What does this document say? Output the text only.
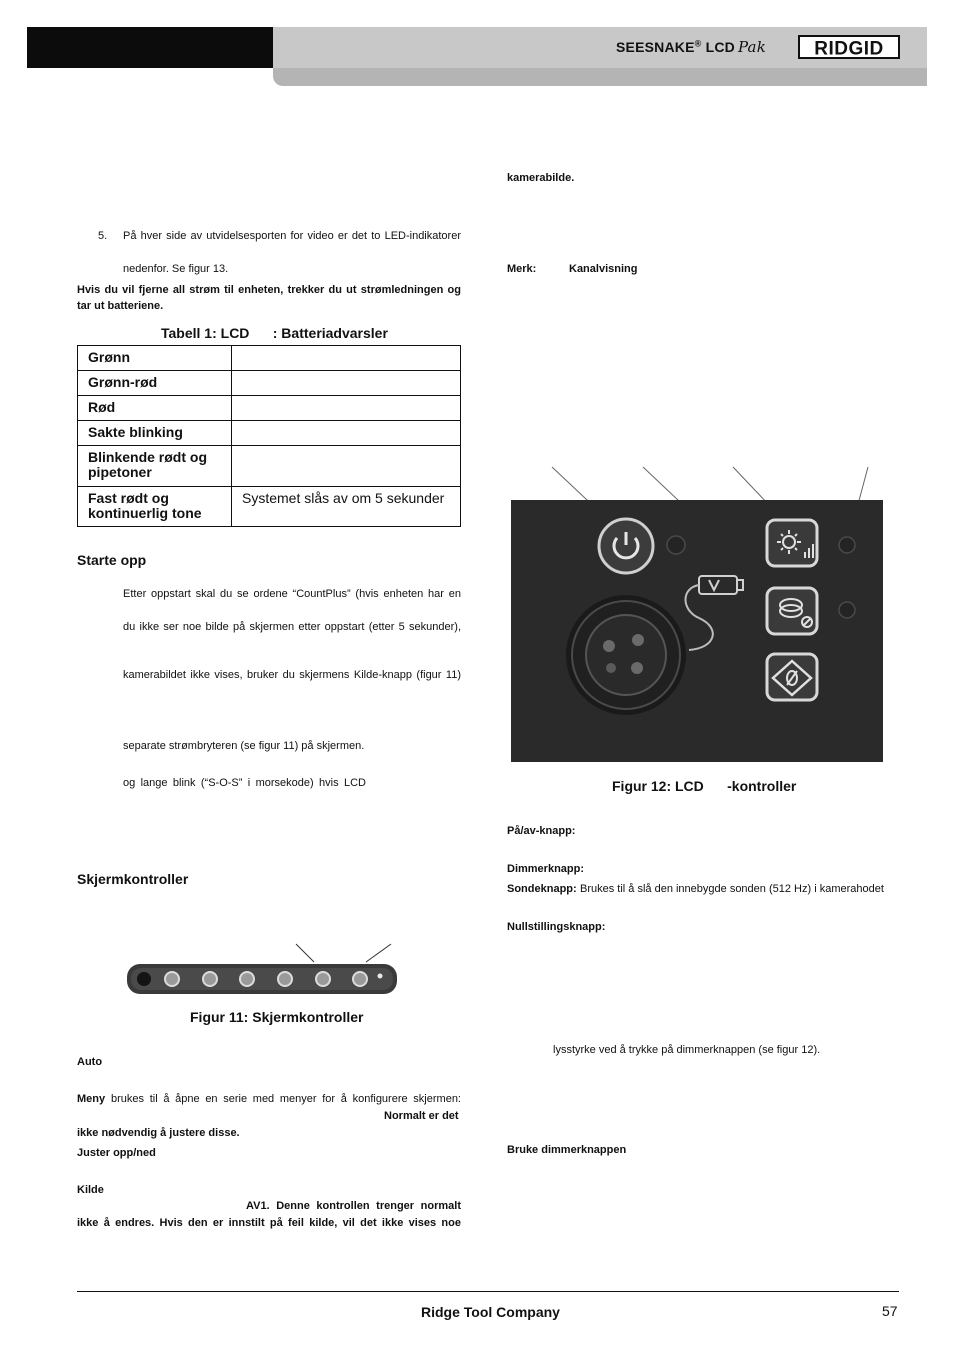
SEESNAKE® LCD Pak	RIDGID
5. På hver side av utvidelsesporten for video er det to LED-indikatorer
nedenfor. Se figur 13.
Hvis du vil fjerne all strøm til enheten, trekker du ut strømledningen og
tar ut batteriene.
Tabell 1: LCD      : Batteriadvarsler
Grønn	
Grønn-rød	
Rød	
Sakte blinking	
Blinkende rødt og pipetoner	
Fast rødt og kontinuerlig tone	Systemet slås av om 5 sekunder
Starte opp
Etter oppstart skal du se ordene “CountPlus” (hvis enheten har en
du ikke ser noe bilde på skjermen etter oppstart (etter 5 sekunder),
kamerabildet ikke vises, bruker du skjermens Kilde-knapp (figur 11)
separate strømbryteren (se figur 11) på skjermen.
og lange blink (“S-O-S” i morsekode) hvis LCD
Skjermkontroller
Figur 11: Skjermkontroller
Auto
Meny brukes til å åpne en serie med menyer for å konfigurere skjermen:
Normalt er det
ikke nødvendig å justere disse.
Juster opp/ned
Kilde
AV1. Denne kontrollen trenger normalt
ikke å endres. Hvis den er innstilt på feil kilde, vil det ikke vises noe
kamerabilde.
Merk:	Kanalvisning
Figur 12: LCD      -kontroller
På/av-knapp:
Dimmerknapp:
Sondeknapp: Brukes til å slå den innebygde sonden (512 Hz) i kamerahodet
Nullstillingsknapp:
lysstyrke ved å trykke på dimmerknappen (se figur 12).
Bruke dimmerknappen
Ridge Tool Company	57
